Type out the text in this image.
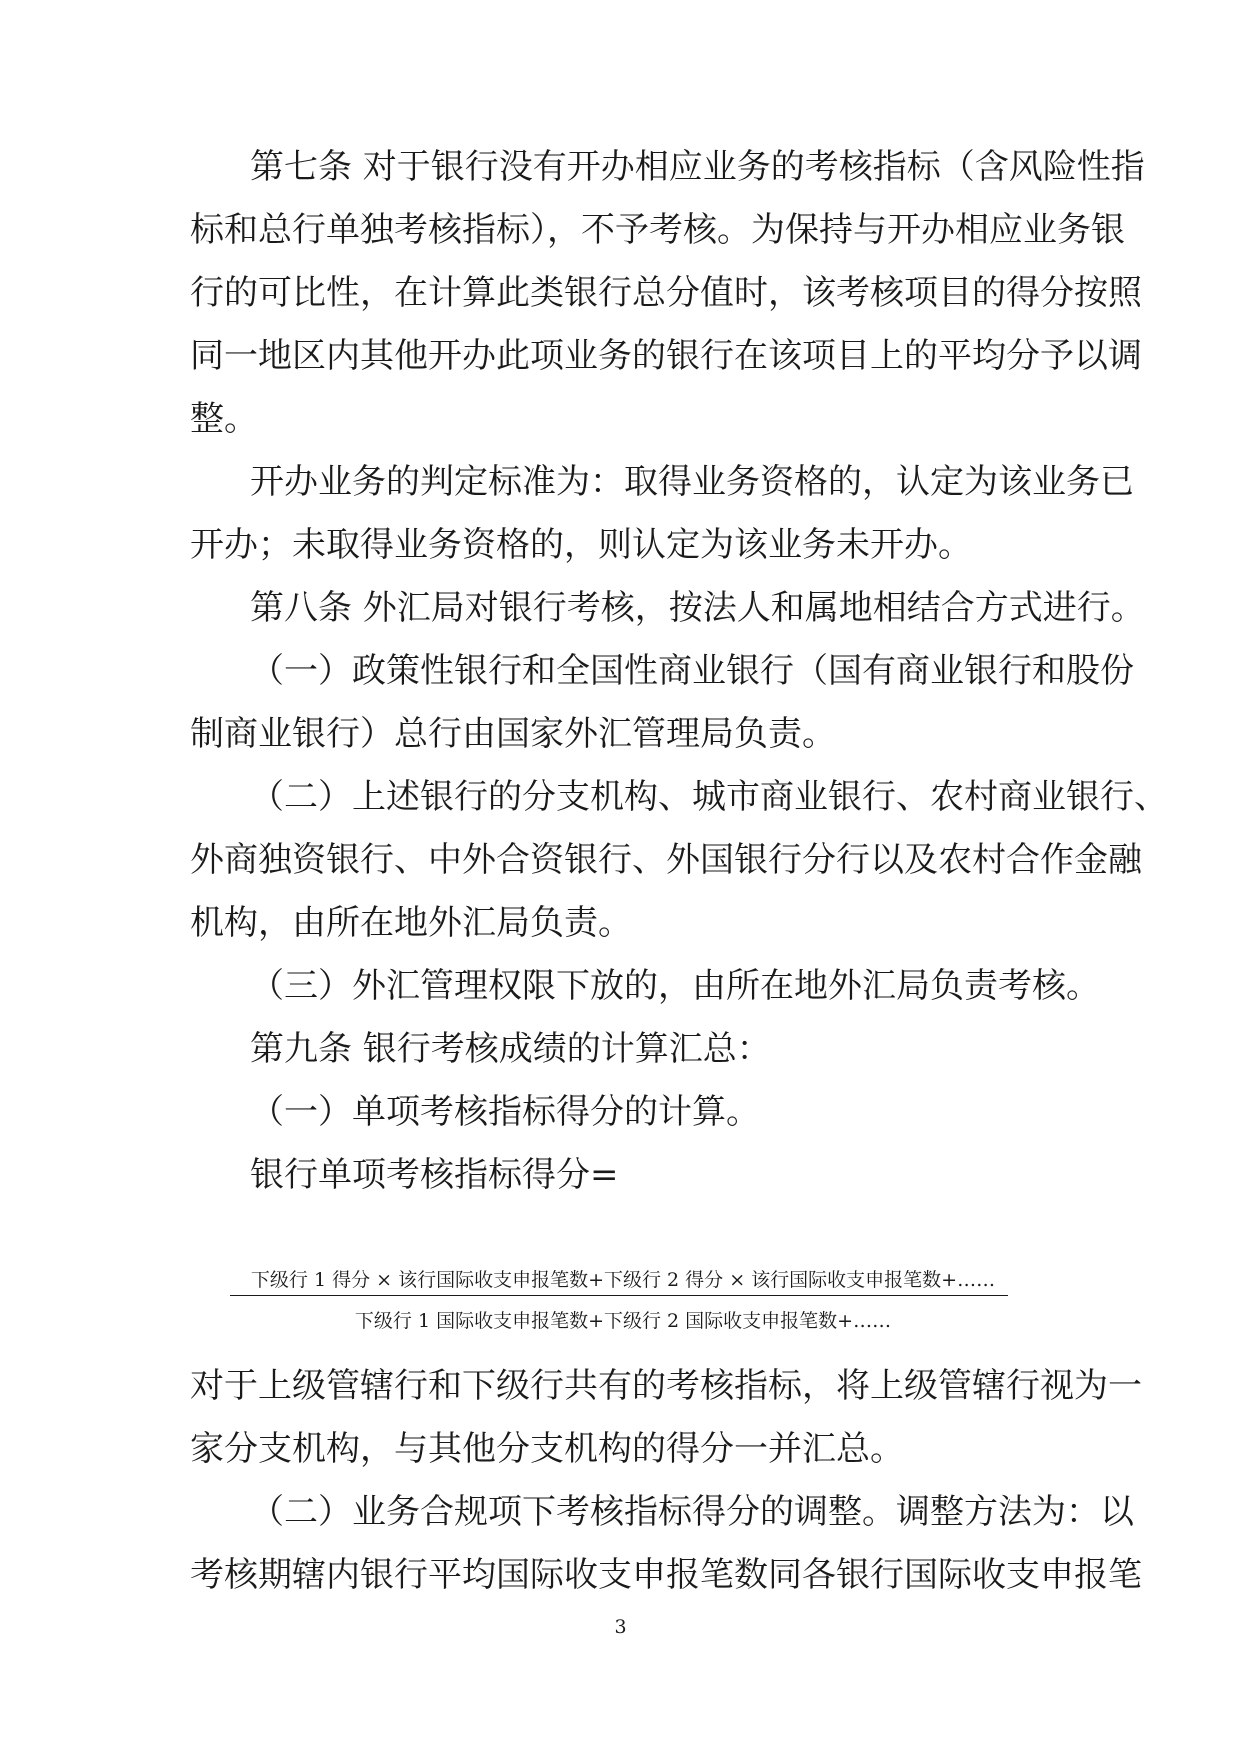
第七条 对于银行没有开办相应业务的考核指标（含风险性指
标和总行单独考核指标），不予考核。为保持与开办相应业务银
行的可比性，在计算此类银行总分值时，该考核项目的得分按照
同一地区内其他开办此项业务的银行在该项目上的平均分予以调
整。
开办业务的判定标准为：取得业务资格的，认定为该业务已
开办；未取得业务资格的，则认定为该业务未开办。
第八条 外汇局对银行考核，按法人和属地相结合方式进行。
（一）政策性银行和全国性商业银行（国有商业银行和股份
制商业银行）总行由国家外汇管理局负责。
（二）上述银行的分支机构、城市商业银行、农村商业银行、
外商独资银行、中外合资银行、外国银行分行以及农村合作金融
机构，由所在地外汇局负责。
（三）外汇管理权限下放的，由所在地外汇局负责考核。
第九条 银行考核成绩的计算汇总：
（一）单项考核指标得分的计算。
银行单项考核指标得分=
下级行 1 得分 × 该行国际收支申报笔数+下级行 2 得分 × 该行国际收支申报笔数+……
下级行 1 国际收支申报笔数+下级行 2 国际收支申报笔数+……
对于上级管辖行和下级行共有的考核指标，将上级管辖行视为一
家分支机构，与其他分支机构的得分一并汇总。
（二）业务合规项下考核指标得分的调整。调整方法为：以
考核期辖内银行平均国际收支申报笔数同各银行国际收支申报笔
3
